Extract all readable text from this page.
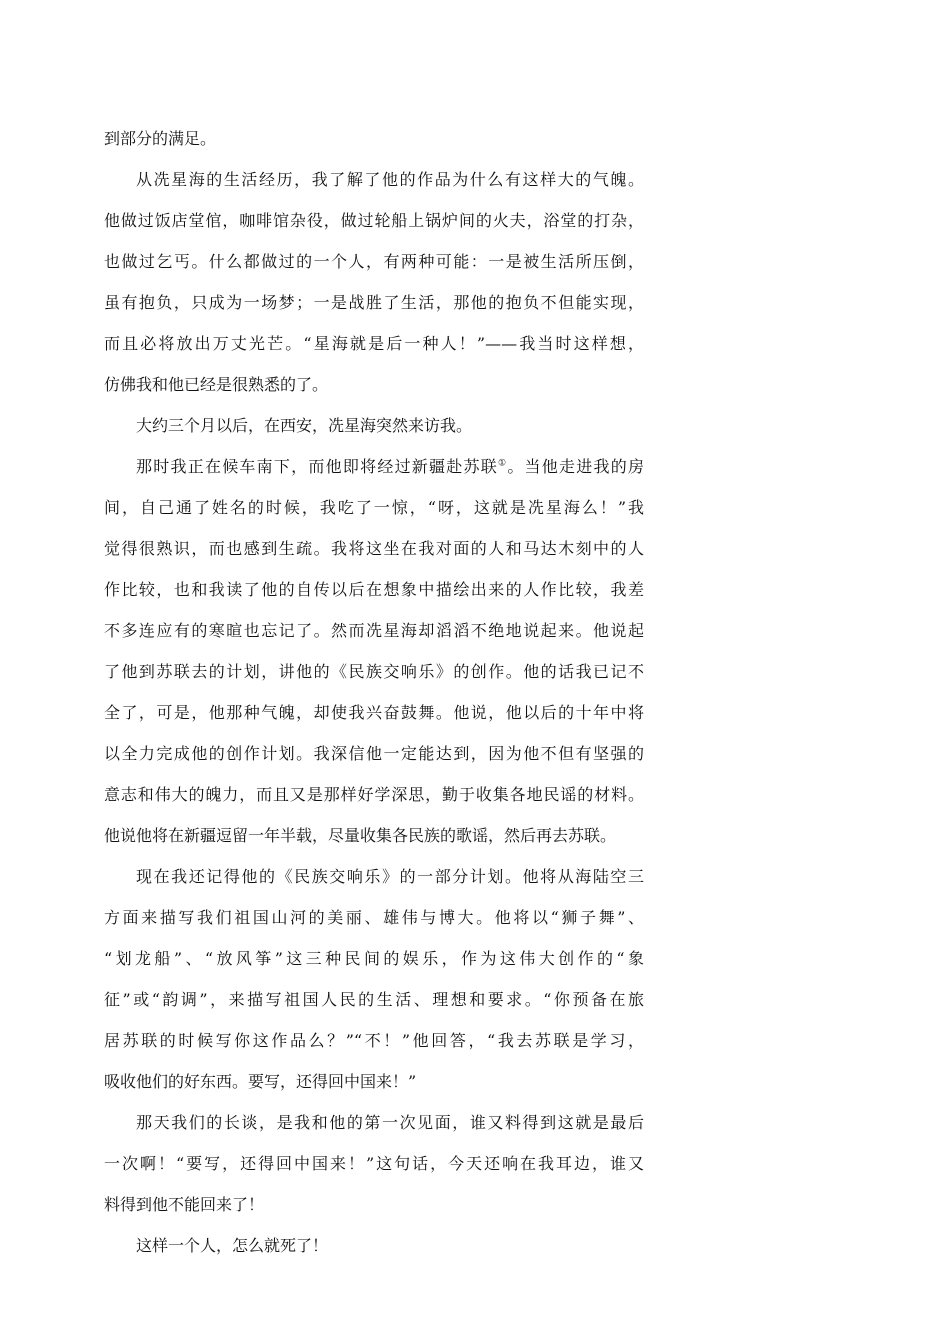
到部分的满足。
从冼星海的生活经历，我了解了他的作品为什么有这样大的气魄。
他做过饭店堂倌，咖啡馆杂役，做过轮船上锅炉间的火夫，浴堂的打杂，
也做过乞丐。什么都做过的一个人，有两种可能：一是被生活所压倒，
虽有抱负，只成为一场梦；一是战胜了生活，那他的抱负不但能实现，
而且必将放出万丈光芒。“星海就是后一种人！”——我当时这样想，
仿佛我和他已经是很熟悉的了。
大约三个月以后，在西安，冼星海突然来访我。
那时我正在候车南下，而他即将经过新疆赴苏联①。当他走进我的房
间，自己通了姓名的时候，我吃了一惊，“呀，这就是冼星海么！”我
觉得很熟识，而也感到生疏。我将这坐在我对面的人和马达木刻中的人
作比较，也和我读了他的自传以后在想象中描绘出来的人作比较，我差
不多连应有的寒暄也忘记了。然而冼星海却滔滔不绝地说起来。他说起
了他到苏联去的计划，讲他的《民族交响乐》的创作。他的话我已记不
全了，可是，他那种气魄，却使我兴奋鼓舞。他说，他以后的十年中将
以全力完成他的创作计划。我深信他一定能达到，因为他不但有坚强的
意志和伟大的魄力，而且又是那样好学深思，勤于收集各地民谣的材料。
他说他将在新疆逗留一年半载，尽量收集各民族的歌谣，然后再去苏联。
现在我还记得他的《民族交响乐》的一部分计划。他将从海陆空三
方面来描写我们祖国山河的美丽、雄伟与博大。他将以“狮子舞”、
“划龙船”、“放风筝”这三种民间的娱乐，作为这伟大创作的“象
征”或“韵调”，来描写祖国人民的生活、理想和要求。“你预备在旅
居苏联的时候写你这作品么？”“不！”他回答，“我去苏联是学习，
吸收他们的好东西。要写，还得回中国来！”
那天我们的长谈，是我和他的第一次见面，谁又料得到这就是最后
一次啊！“要写，还得回中国来！”这句话，今天还响在我耳边，谁又
料得到他不能回来了！
这样一个人，怎么就死了！
